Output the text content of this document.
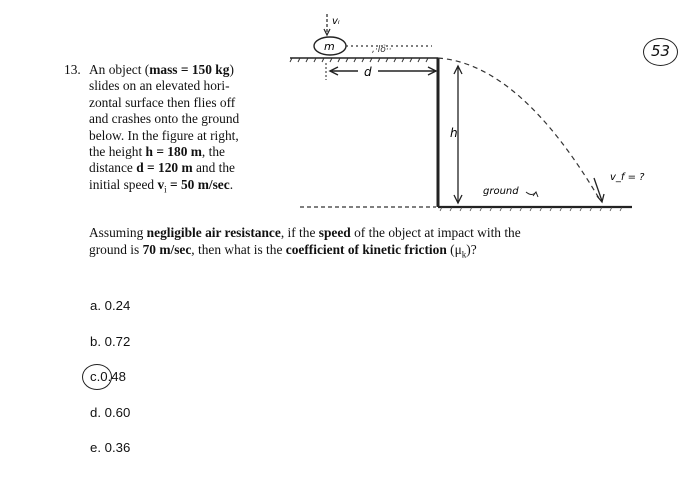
53
13. An object (mass = 150 kg)
slides on an elevated hori-
zontal surface then flies off
and crashes onto the ground
below. In the figure at right,
the height h = 180 m, the
distance d = 120 m and the
initial speed $v_i = 50$ m/sec.
m
vᵢ
,·lỏ··
d
h
v_f = ?
ground
Assuming negligible air resistance, if the speed of the object at impact with the
ground is 70 m/sec, then what is the coefficient of kinetic friction $(\mu_k)$?
a. 0.24
b. 0.72
c.0.48
d. 0.60
e. 0.36
